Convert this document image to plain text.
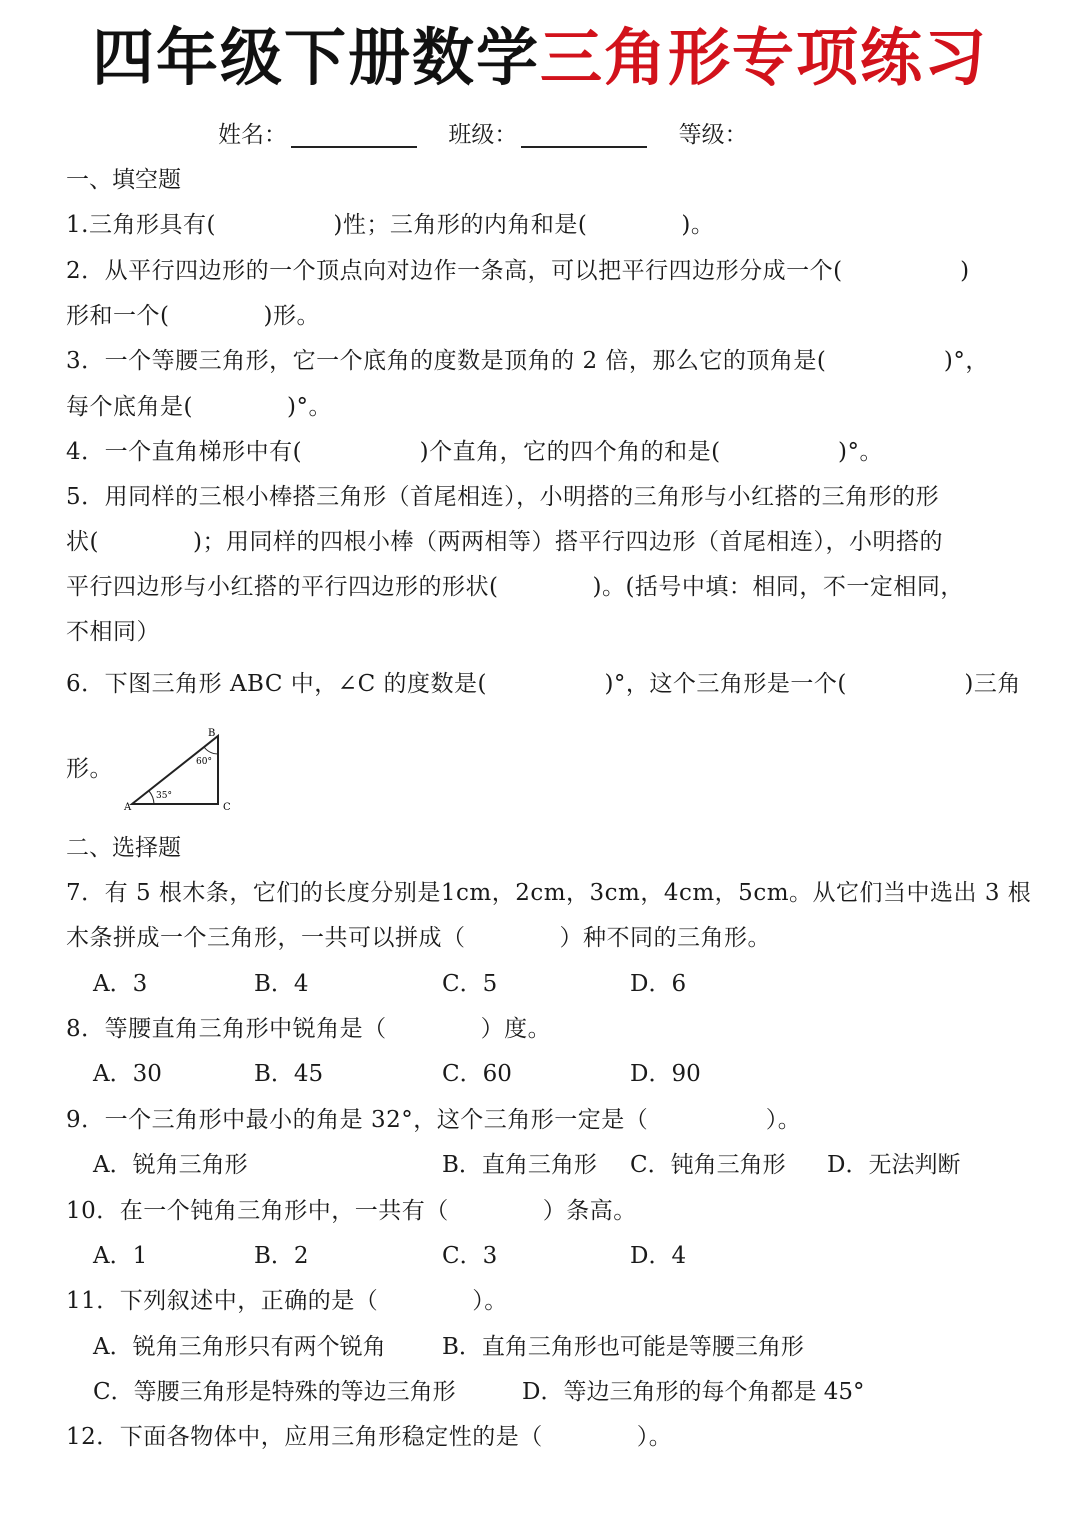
四年级下册数学三角形专项练习
姓名：	班级：	等级：
一、填空题
1.三角形具有(　　　　　)性；三角形的内角和是(　　　　)。
2．从平行四边形的一个顶点向对边作一条高，可以把平行四边形分成一个(　　　　　)
形和一个(　　　　)形。
3．一个等腰三角形，它一个底角的度数是顶角的 2 倍，那么它的顶角是(　　　　　)°，
每个底角是(　　　　)°。
4．一个直角梯形中有(　　　　　)个直角，它的四个角的和是(　　　　　)°。
5．用同样的三根小棒搭三角形（首尾相连），小明搭的三角形与小红搭的三角形的形
状(　　　　)；用同样的四根小棒（两两相等）搭平行四边形（首尾相连），小明搭的
平行四边形与小红搭的平行四边形的形状(　　　　)。(括号中填：相同，不一定相同，
不相同）
6．下图三角形 ABC 中，∠C 的度数是(　　　　　)°，这个三角形是一个(　　　　　)三角
形。
A
B
C
35°
60°
二、选择题
7．有 5 根木条，它们的长度分别是1cm，2cm，3cm，4cm，5cm。从它们当中选出 3 根
木条拼成一个三角形，一共可以拼成（　　　　）种不同的三角形。
A．3	B．4	C．5	D．6
8．等腰直角三角形中锐角是（　　　　）度。
A．30	B．45	C．60	D．90
9．一个三角形中最小的角是 32°，这个三角形一定是（　　　　　）。
A．锐角三角形	B．直角三角形 C．钝角三角形 D．无法判断
10．在一个钝角三角形中，一共有（　　　　）条高。
A．1	B．2	C．3	D．4
11．下列叙述中，正确的是（　　　　）。
A．锐角三角形只有两个锐角 B．直角三角形也可能是等腰三角形
C．等腰三角形是特殊的等边三角形	D．等边三角形的每个角都是 45°
12．下面各物体中，应用三角形稳定性的是（　　　　）。
